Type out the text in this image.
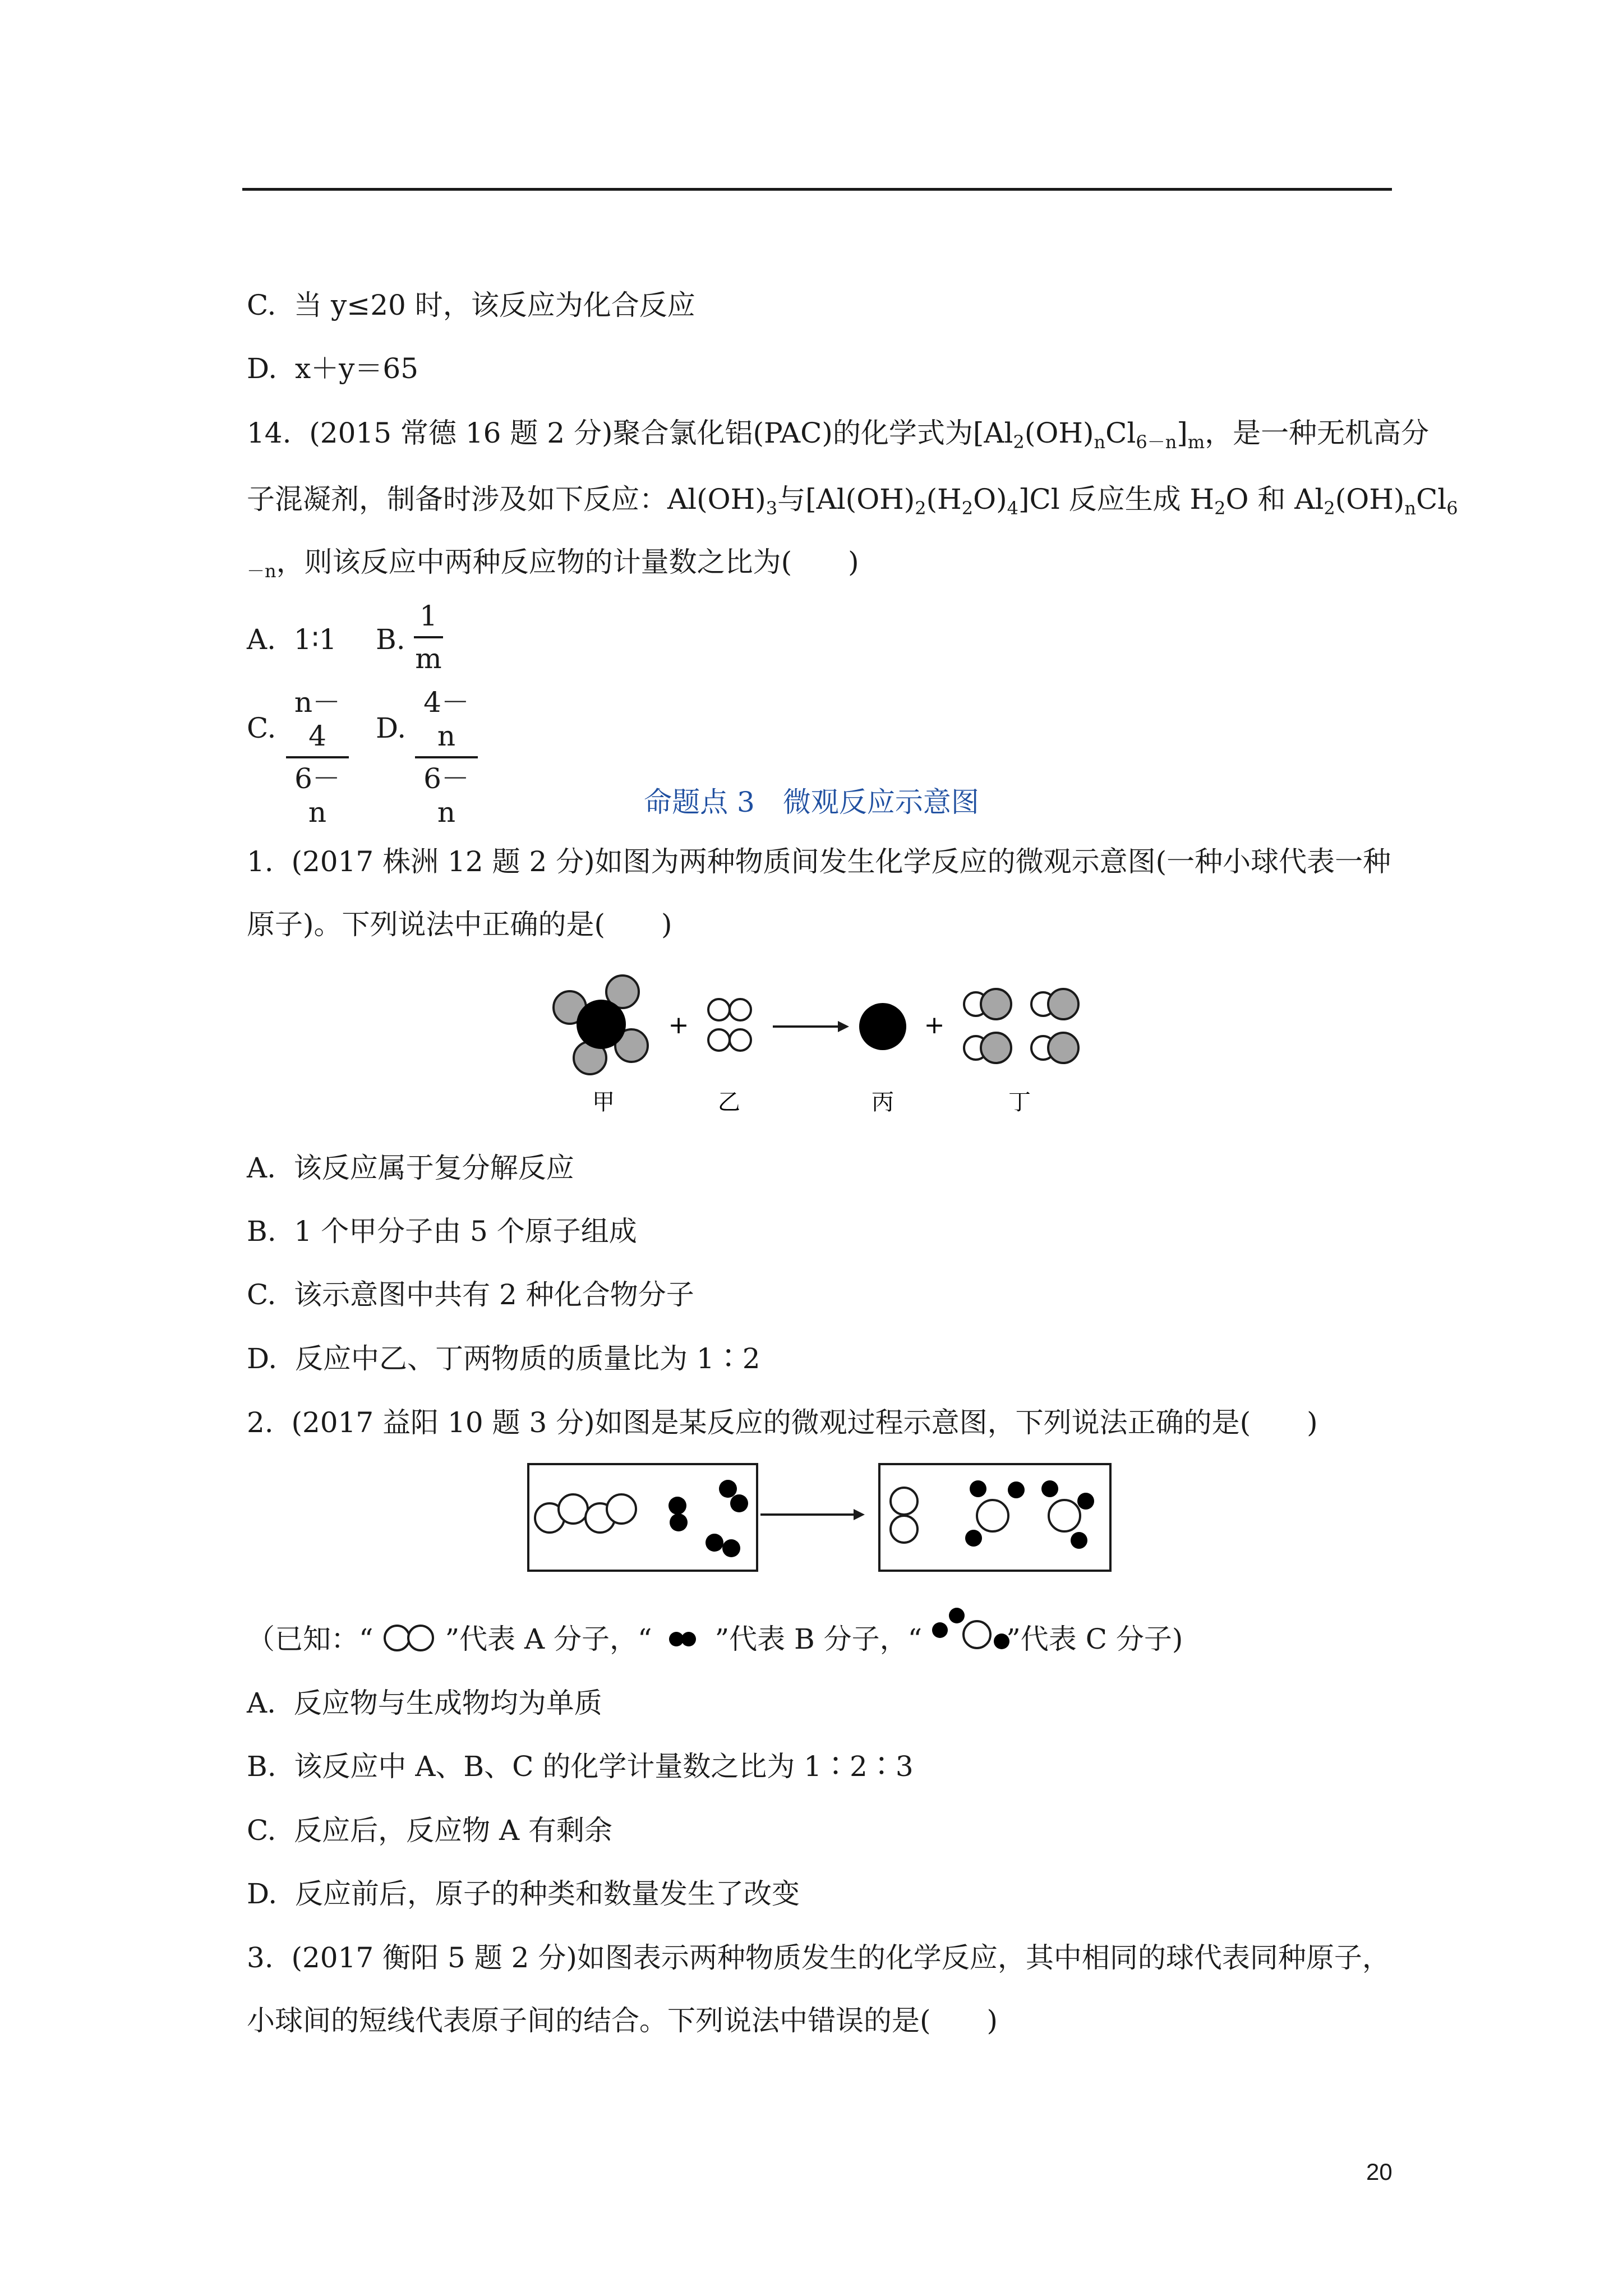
C.  当 y≤20 时，该反应为化合反应
D.  x＋y＝65
14.  (2015 常德 16 题 2 分)聚合氯化铝(PAC)的化学式为$[Al_2(OH)_nCl_{6-n}]_m$，是一种无机高分
子混凝剂，制备时涉及如下反应：$Al(OH)_3$与$[Al(OH)_2(H_2O)_4]Cl$ 反应生成 $H_2O$ 和 $Al_2(OH)_nCl_6$
$_{-n}$，则该反应中两种反应物的计量数之比为(　　)
A.  1∶1 B.
1
m
C.
n－4
6－n
D.
4－n
6－n	命题点 3　微观反应示意图
1.  (2017 株洲 12 题 2 分)如图为两种物质间发生化学反应的微观示意图(一种小球代表一种
原子)。下列说法中正确的是(　　)
+	+
甲	乙	丙	丁
A.  该反应属于复分解反应
B.  1 个甲分子由 5 个原子组成
C.  该示意图中共有 2 种化合物分子
D.  反应中乙、丁两物质的质量比为 1∶2
2.  (2017 益阳 10 题 3 分)如图是某反应的微观过程示意图，下列说法正确的是(　　)
（已知：“	”代表 A 分子，“ ”代表 B 分子，“	”代表 C 分子)
A.  反应物与生成物均为单质
B.  该反应中 A、B、C 的化学计量数之比为 1∶2∶3
C.  反应后，反应物 A 有剩余
D.  反应前后，原子的种类和数量发生了改变
3.  (2017 衡阳 5 题 2 分)如图表示两种物质发生的化学反应，其中相同的球代表同种原子，
小球间的短线代表原子间的结合。下列说法中错误的是(　　)
20
